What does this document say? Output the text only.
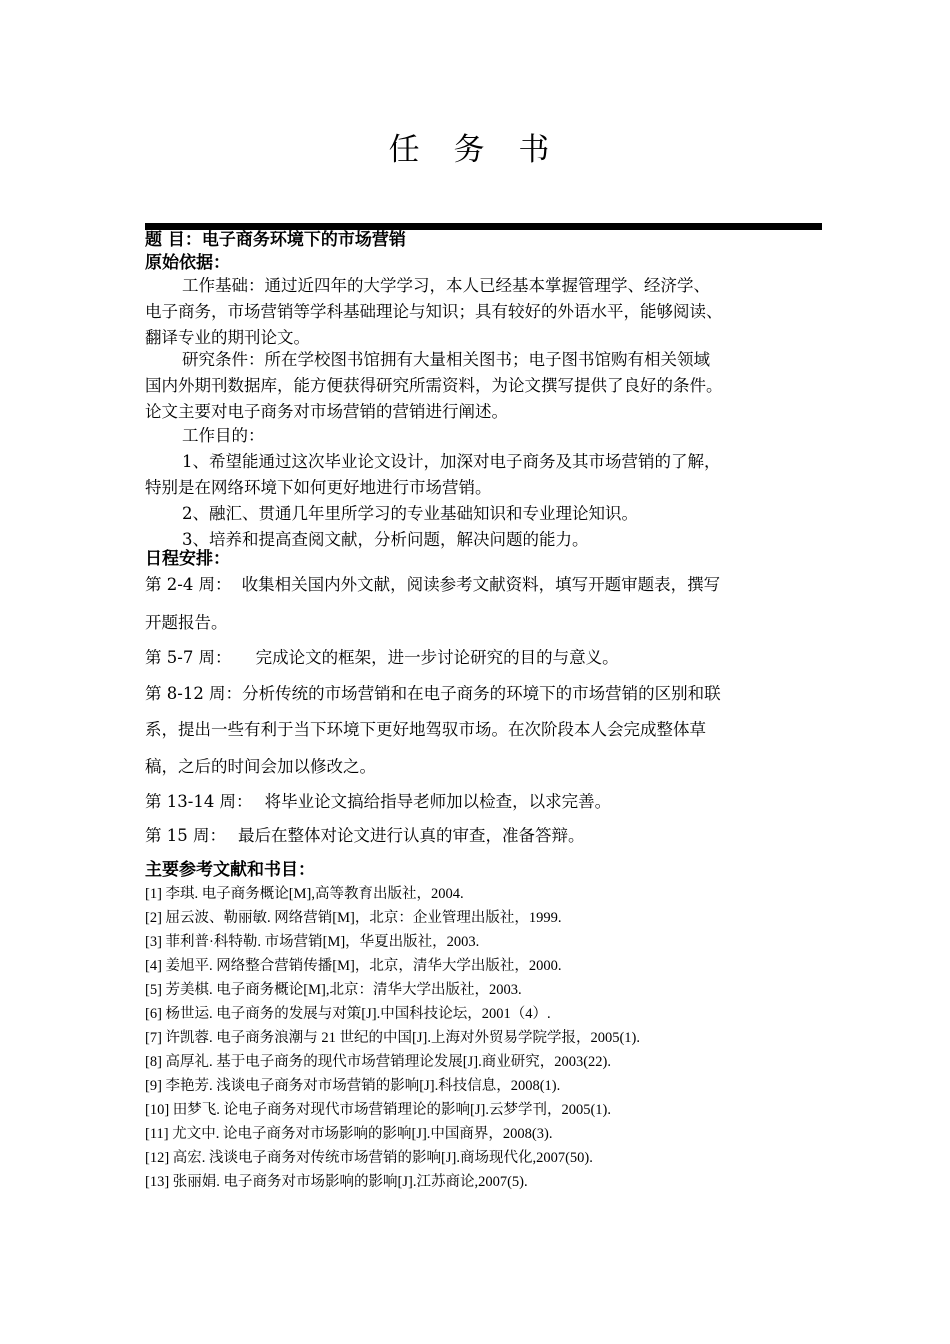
任 务 书
题 目：电子商务环境下的市场营销
原始依据：
工作基础：通过近四年的大学学习，本人已经基本掌握管理学、经济学、
电子商务，市场营销等学科基础理论与知识；具有较好的外语水平，能够阅读、
翻译专业的期刊论文。
研究条件：所在学校图书馆拥有大量相关图书；电子图书馆购有相关领域
国内外期刊数据库，能方便获得研究所需资料，为论文撰写提供了良好的条件。
论文主要对电子商务对市场营销的营销进行阐述。
工作目的：
1、希望能通过这次毕业论文设计，加深对电子商务及其市场营销的了解，
特别是在网络环境下如何更好地进行市场营销。
2、融汇、贯通几年里所学习的专业基础知识和专业理论知识。
3、培养和提高查阅文献，分析问题，解决问题的能力。
日程安排：
第 2-4 周： 收集相关国内外文献，阅读参考文献资料，填写开题审题表，撰写
开题报告。
第 5-7 周： 完成论文的框架，进一步讨论研究的目的与意义。
第 8-12 周：分析传统的市场营销和在电子商务的环境下的市场营销的区别和联
系，提出一些有利于当下环境下更好地驾驭市场。在次阶段本人会完成整体草
稿，之后的时间会加以修改之。
第 13-14 周： 将毕业论文搞给指导老师加以检查，以求完善。
第 15 周： 最后在整体对论文进行认真的审查，准备答辩。
主要参考文献和书目：
[1] 李琪. 电子商务概论[M],高等教育出版社，2004.
[2] 屈云波、勒丽敏. 网络营销[M]，北京：企业管理出版社，1999.
[3] 菲利普·科特勒. 市场营销[M]，华夏出版社，2003.
[4] 姜旭平. 网络整合营销传播[M]，北京，清华大学出版社，2000.
[5] 芳美棋. 电子商务概论[M],北京：清华大学出版社，2003.
[6] 杨世运. 电子商务的发展与对策[J].中国科技论坛，2001（4）.
[7] 许凯蓉. 电子商务浪潮与 21 世纪的中国[J].上海对外贸易学院学报，2005(1).
[8] 高厚礼. 基于电子商务的现代市场营销理论发展[J].商业研究，2003(22).
[9] 李艳芳. 浅谈电子商务对市场营销的影响[J].科技信息，2008(1).
[10] 田梦飞. 论电子商务对现代市场营销理论的影响[J].云梦学刊，2005(1).
[11] 尤文中. 论电子商务对市场影响的影响[J].中国商界，2008(3).
[12] 高宏. 浅谈电子商务对传统市场营销的影响[J].商场现代化,2007(50).
[13] 张丽娟. 电子商务对市场影响的影响[J].江苏商论,2007(5).
